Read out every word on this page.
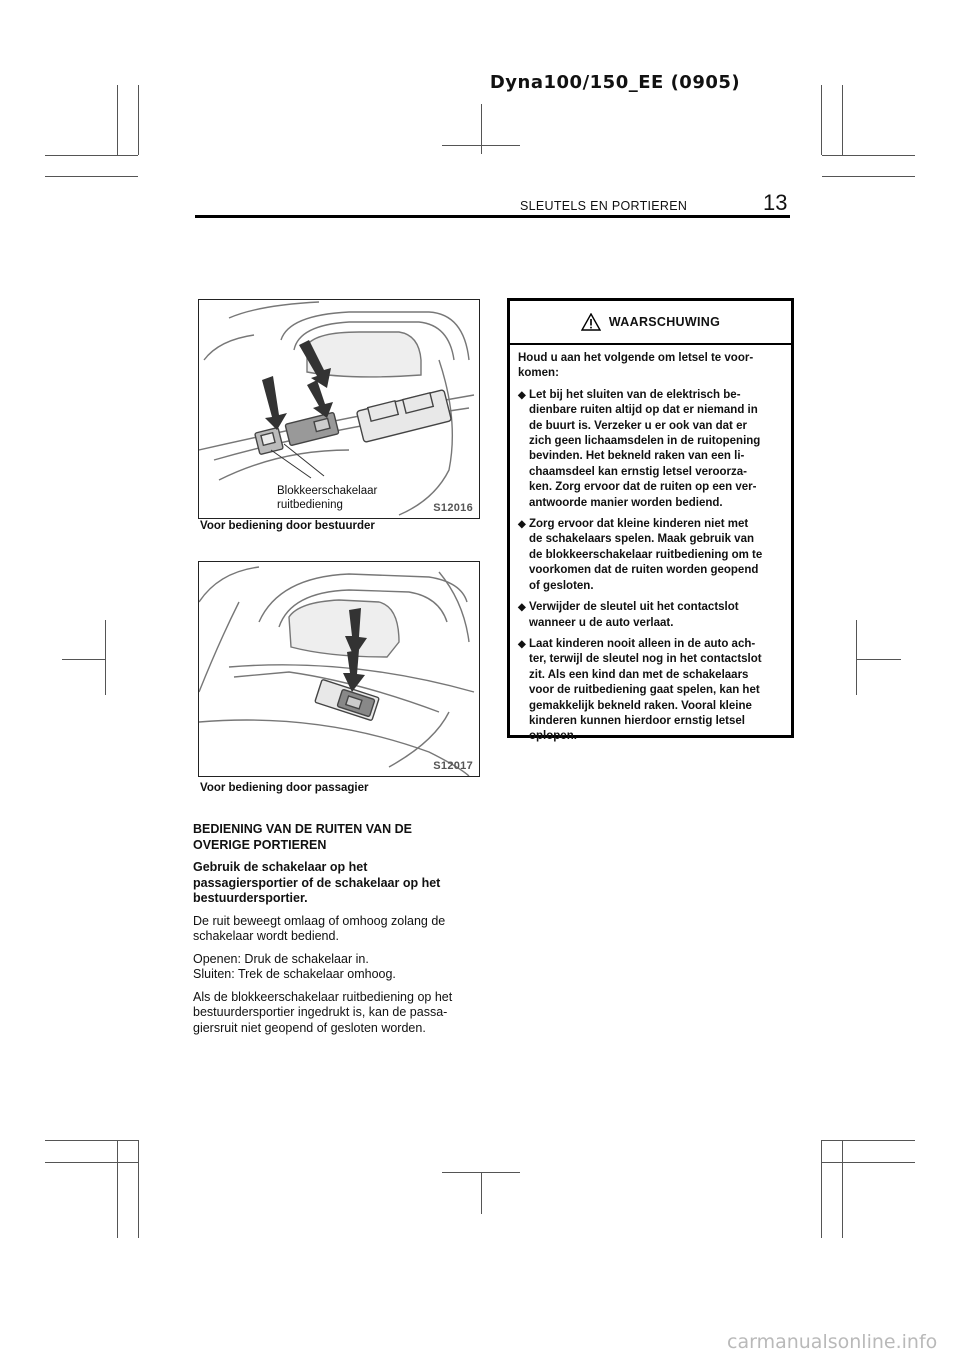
Dyna100/150_EE (0905)
SLEUTELS EN PORTIEREN	13
Blokkeerschakelaar
ruitbediening	S12016
Voor bediening door bestuurder
S12017
Voor bediening door passagier

BEDIENING VAN DE RUITEN VAN DE
OVERIGE PORTIEREN

Gebruik de schakelaar op het
passagiersportier of de schakelaar op het
bestuurdersportier.

De ruit beweegt omlaag of omhoog zolang de
schakelaar wordt bediend.

Openen: Druk de schakelaar in.
Sluiten: Trek de schakelaar omhoog.

Als de blokkeerschakelaar ruitbediening op het
bestuurdersportier ingedrukt is, kan de passa-
giersruit niet geopend of gesloten worden.

WAARSCHUWING

Houd u aan het volgende om letsel te voor-
komen:

◆ Let bij het sluiten van de elektrisch be-
dienbare ruiten altijd op dat er niemand in
de buurt is. Verzeker u er ook van dat er
zich geen lichaamsdelen in de ruitopening
bevinden. Het bekneld raken van een li-
chaamsdeel kan ernstig letsel veroorza-
ken. Zorg ervoor dat de ruiten op een ver-
antwoorde manier worden bediend.
◆ Zorg ervoor dat kleine kinderen niet met
de schakelaars spelen. Maak gebruik van
de blokkeerschakelaar ruitbediening om te
voorkomen dat de ruiten worden geopend
of gesloten.
◆ Verwijder de sleutel uit het contactslot
wanneer u de auto verlaat.
◆ Laat kinderen nooit alleen in de auto ach-
ter, terwijl de sleutel nog in het contactslot
zit. Als een kind dan met de schakelaars
voor de ruitbediening gaat spelen, kan het
gemakkelijk bekneld raken. Vooral kleine
kinderen kunnen hierdoor ernstig letsel
oplopen.
carmanualsonline.info
